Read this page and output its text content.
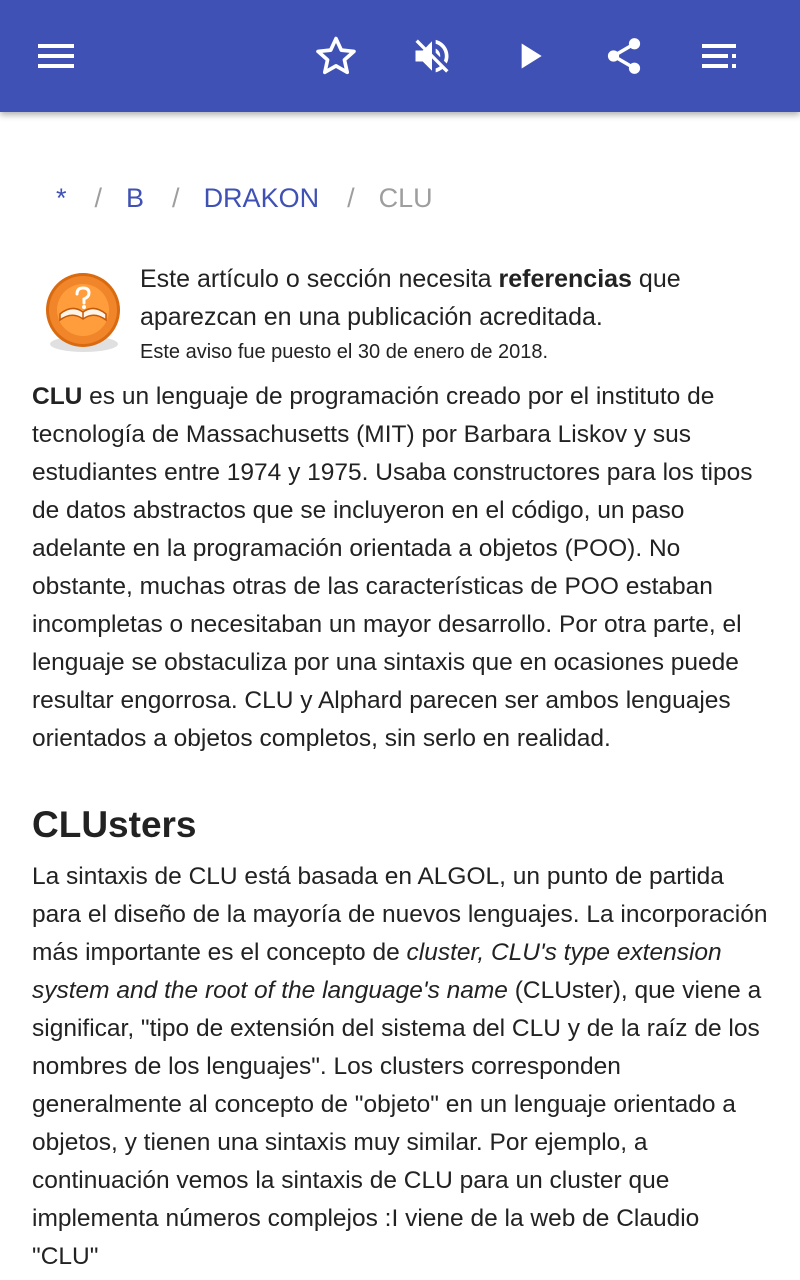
* / B / DRAKON / CLU
Este artículo o sección necesita referencias que aparezcan en una publicación acreditada.
Este aviso fue puesto el 30 de enero de 2018.

CLU es un lenguaje de programación creado por el instituto de tecnología de Massachusetts (MIT) por Barbara Liskov y sus estudiantes entre 1974 y 1975. Usaba constructores para los tipos de datos abstractos que se incluyeron en el código, un paso adelante en la programación orientada a objetos (POO). No obstante, muchas otras de las características de POO estaban incompletas o necesitaban un mayor desarrollo. Por otra parte, el lenguaje se obstaculiza por una sintaxis que en ocasiones puede resultar engorrosa. CLU y Alphard parecen ser ambos lenguajes orientados a objetos completos, sin serlo en realidad.

CLUsters

La sintaxis de CLU está basada en ALGOL, un punto de partida para el diseño de la mayoría de nuevos lenguajes. La incorporación más importante es el concepto de cluster, CLU's type extension system and the root of the language's name (CLUster), que viene a significar, "tipo de extensión del sistema del CLU y de la raíz de los nombres de los lenguajes". Los clusters corresponden generalmente al concepto de "objeto" en un lenguaje orientado a objetos, y tienen una sintaxis muy similar. Por ejemplo, a continuación vemos la sintaxis de CLU para un cluster que implementa números complejos :I viene de la web de Claudio "CLU"
